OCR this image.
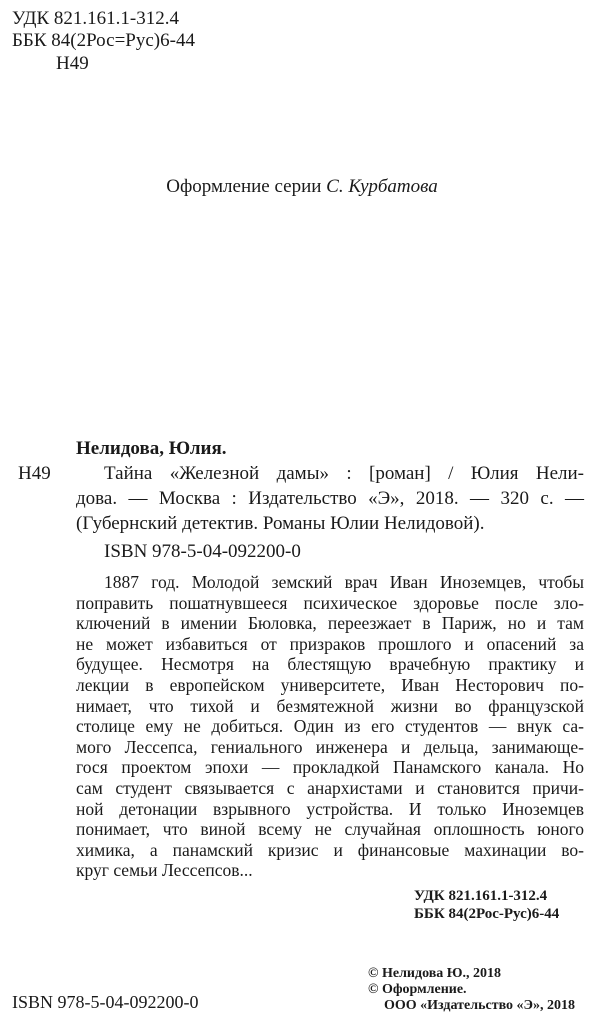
УДК 821.161.1-312.4
ББК 84(2Рос=Рус)6-44
Н49
Оформление серии С. Курбатова
Нелидова, Юлия.
Н49	Тайна «Железной дамы» : [роман] / Юлия Нели-
дова. — Москва : Издательство «Э», 2018. — 320 с. —
(Губернский детектив. Романы Юлии Нелидовой).
ISBN 978-5-04-092200-0
1887 год. Молодой земский врач Иван Иноземцев, чтобы
поправить пошатнувшееся психическое здоровье после зло-
ключений в имении Бюловка, переезжает в Париж, но и там
не может избавиться от призраков прошлого и опасений за
будущее. Несмотря на блестящую врачебную практику и
лекции в европейском университете, Иван Несторович по-
нимает, что тихой и безмятежной жизни во французской
столице ему не добиться. Один из его студентов — внук са-
мого Лессепса, гениального инженера и дельца, занимающе-
гося проектом эпохи — прокладкой Панамского канала. Но
сам студент связывается с анархистами и становится причи-
ной детонации взрывного устройства. И только Иноземцев
понимает, что виной всему не случайная оплошность юного
химика, а панамский кризис и финансовые махинации во-
круг семьи Лессепсов...
УДК 821.161.1-312.4
ББК 84(2Рос-Рус)6-44
© Нелидова Ю., 2018
© Оформление.
ООО «Издательство «Э», 2018
ISBN 978-5-04-092200-0
